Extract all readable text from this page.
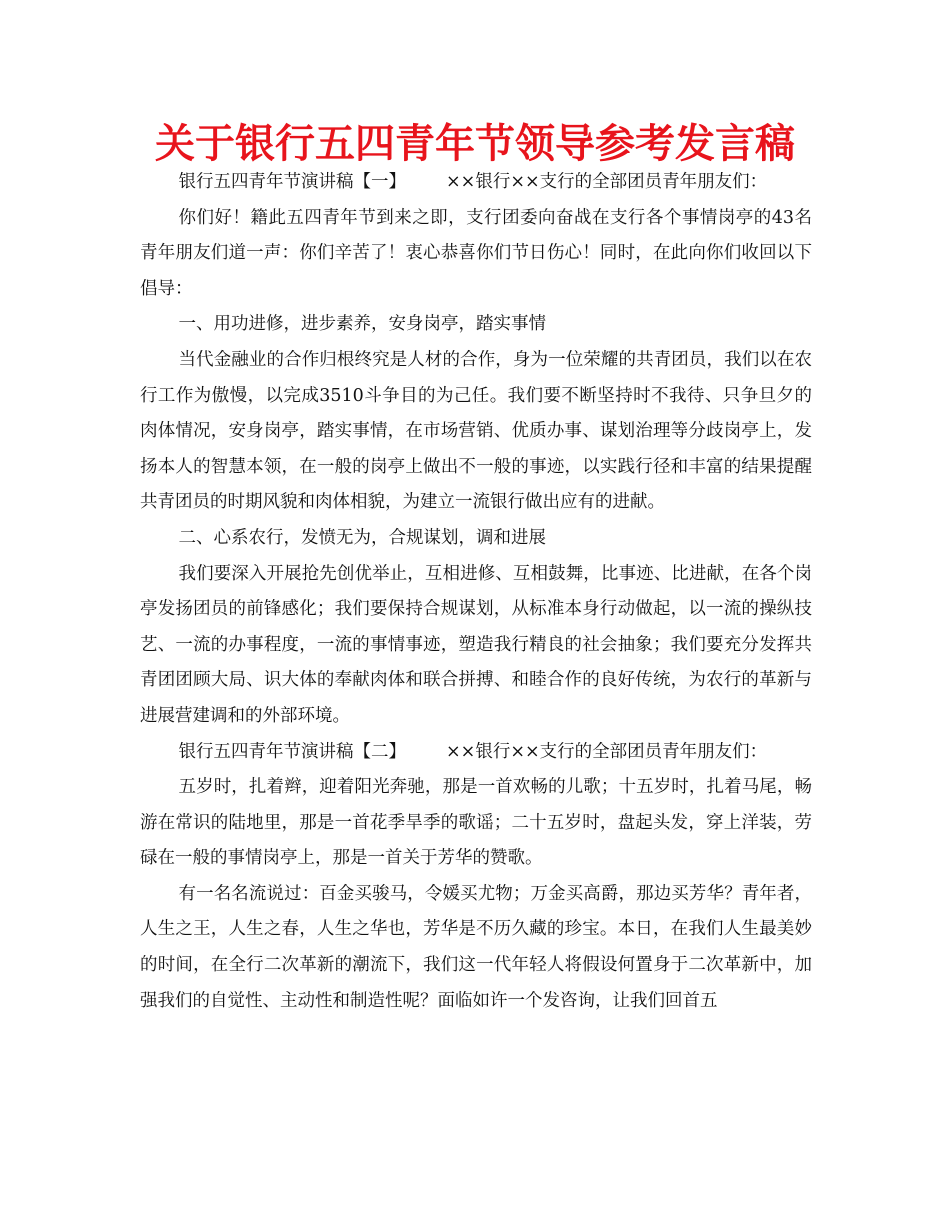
关于银行五四青年节领导参考发言稿

银行五四青年节演讲稿【一】 ××银行××支行的全部团员青年朋友们：

你们好！籍此五四青年节到来之即，支行团委向奋战在支行各个事情岗亭的43名青年朋友们道一声：你们辛苦了！衷心恭喜你们节日伤心！同时，在此向你们收回以下倡导：

一、用功进修，进步素养，安身岗亭，踏实事情

当代金融业的合作归根终究是人材的合作，身为一位荣耀的共青团员，我们以在农行工作为傲慢，以完成3510斗争目的为己任。我们要不断坚持时不我待、只争旦夕的肉体情况，安身岗亭，踏实事情，在市场营销、优质办事、谋划治理等分歧岗亭上，发扬本人的智慧本领，在一般的岗亭上做出不一般的事迹，以实践行径和丰富的结果提醒共青团员的时期风貌和肉体相貌，为建立一流银行做出应有的进献。

二、心系农行，发愤无为，合规谋划，调和进展

我们要深入开展抢先创优举止，互相进修、互相鼓舞，比事迹、比进献，在各个岗亭发扬团员的前锋感化；我们要保持合规谋划，从标准本身行动做起，以一流的操纵技艺、一流的办事程度，一流的事情事迹，塑造我行精良的社会抽象；我们要充分发挥共青团团顾大局、识大体的奉献肉体和联合拼搏、和睦合作的良好传统，为农行的革新与进展营建调和的外部环境。

银行五四青年节演讲稿【二】 ××银行××支行的全部团员青年朋友们：

五岁时，扎着辫，迎着阳光奔驰，那是一首欢畅的儿歌；十五岁时，扎着马尾，畅游在常识的陆地里，那是一首花季旱季的歌谣；二十五岁时，盘起头发，穿上洋装，劳碌在一般的事情岗亭上，那是一首关于芳华的赞歌。

有一名名流说过：百金买骏马，令媛买尤物；万金买高爵，那边买芳华？青年者，人生之王，人生之春，人生之华也，芳华是不历久藏的珍宝。本日，在我们人生最美妙的时间，在全行二次革新的潮流下，我们这一代年轻人将假设何置身于二次革新中，加强我们的自觉性、主动性和制造性呢？面临如许一个发咨询，让我们回首五
